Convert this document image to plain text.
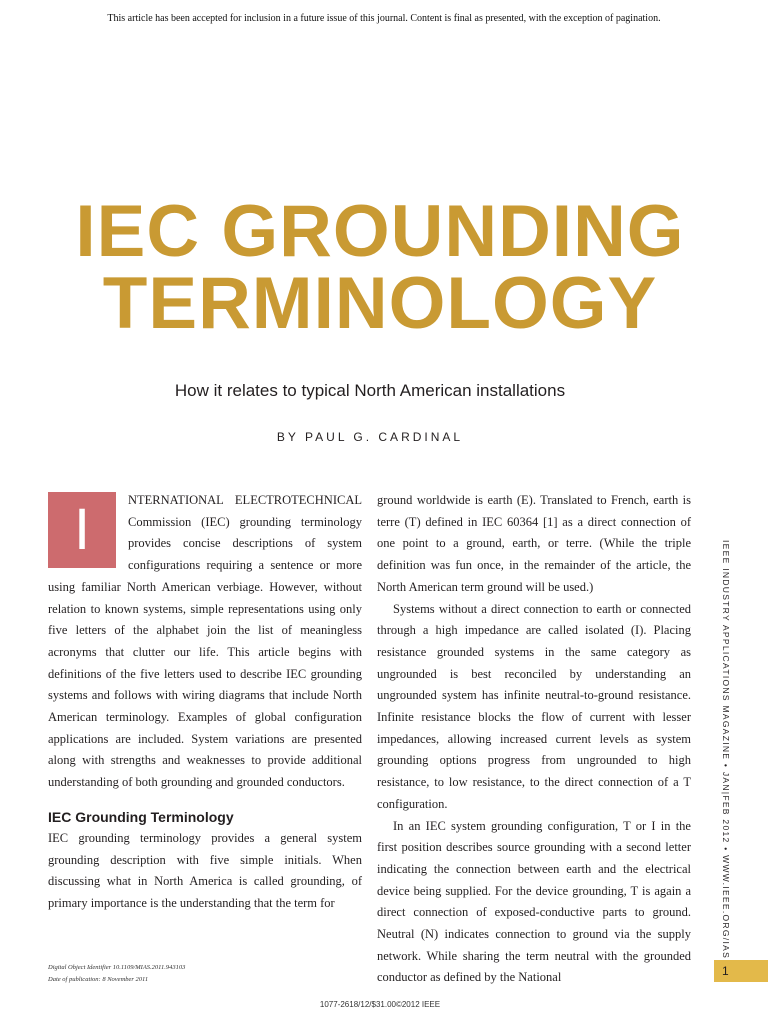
This article has been accepted for inclusion in a future issue of this journal. Content is final as presented, with the exception of pagination.
IEC GROUNDING
TERMINOLOGY
How it relates to typical North American installations
BY PAUL G. CARDINAL

I	NTERNATIONAL ELECTROTECHNICAL Commission (IEC) grounding terminology provides concise descriptions of system configurations requiring a sentence or more using familiar North American verbiage. However, without relation to known systems, simple representations using only five letters of the alphabet join the list of meaningless acronyms that clutter our life. This article begins with definitions of the five letters used to describe IEC grounding systems and follows with wiring diagrams that include North American terminology. Examples of global configuration applications are included. System variations are presented along with strengths and weaknesses to provide additional understanding of both grounding and grounded conductors.

IEC Grounding Terminology

IEC grounding terminology provides a general system grounding description with five simple initials. When discussing what in North America is called grounding, of primary importance is the understanding that the term for

ground worldwide is earth (E). Translated to French, earth is terre (T) defined in IEC 60364 [1] as a direct connection of one point to a ground, earth, or terre. (While the triple definition was fun once, in the remainder of the article, the North American term ground will be used.)

Systems without a direct connection to earth or connected through a high impedance are called isolated (I). Placing resistance grounded systems in the same category as ungrounded is best reconciled by understanding an ungrounded system has infinite neutral-to-ground resistance. Infinite resistance blocks the flow of current with lesser impedances, allowing increased current levels as system grounding options progress from ungrounded to high resistance, to low resistance, to the direct connection of a T configuration.

In an IEC system grounding configuration, T or I in the first position describes source grounding with a second letter indicating the connection between earth and the electrical device being supplied. For the device grounding, T is again a direct connection of exposed-conductive parts to ground. Neutral (N) indicates connection to ground via the supply network. While sharing the term neutral with the grounded conductor as defined by the National

Digital Object Identifier 10.1109/MIAS.2011.943103
Date of publication: 8 November 2011
IEEE INDUSTRY APPLICATIONS MAGAZINE • JAN|FEB 2012 • WWW.IEEE.ORG/IAS
1
1077-2618/12/$31.00©2012 IEEE
